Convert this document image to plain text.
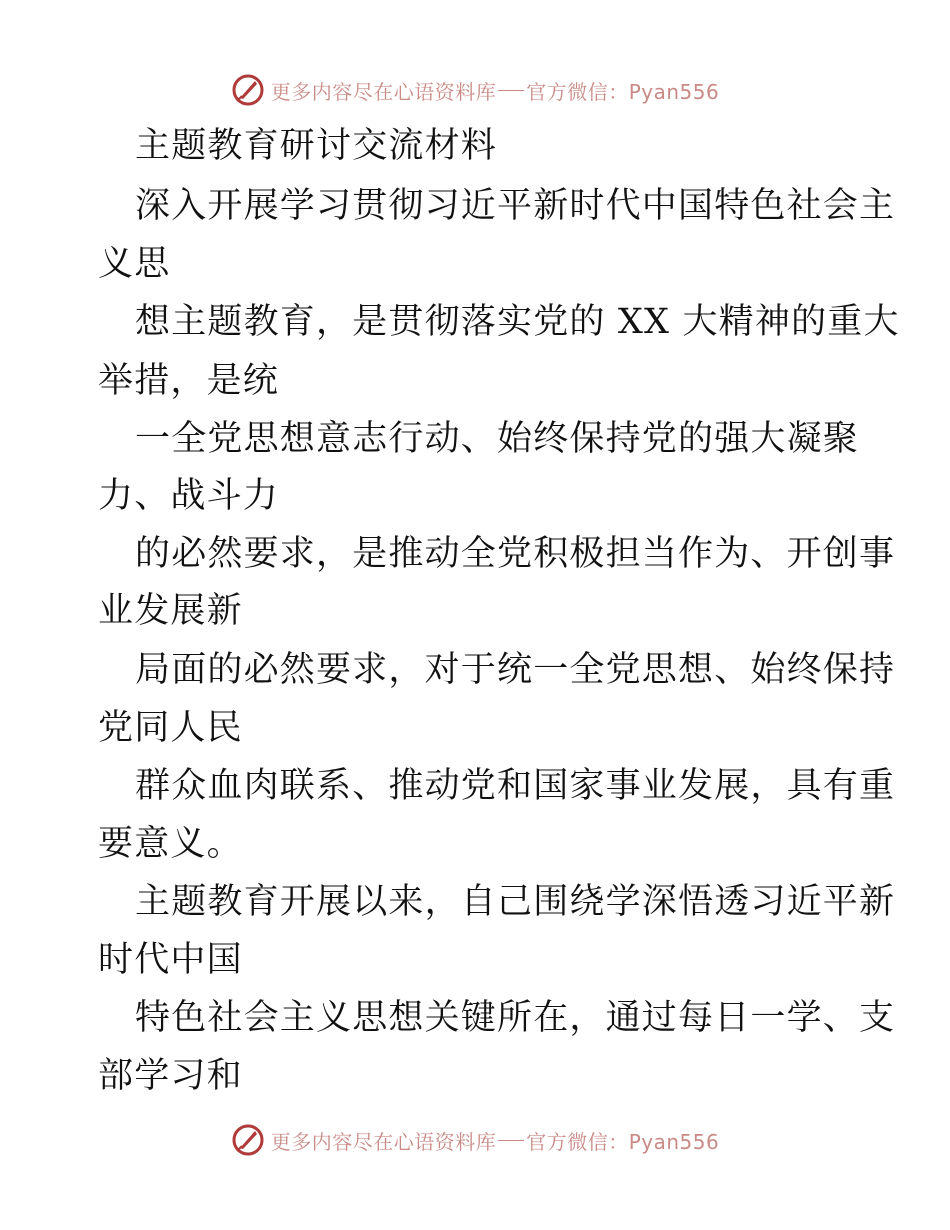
更多内容尽在心语资料库 官方微信：Pyan556
主题教育研讨交流材料
深入开展学习贯彻习近平新时代中国特色社会主
义思
想主题教育，是贯彻落实党的 XX 大精神的重大
举措，是统
一全党思想意志行动、始终保持党的强大凝聚
力、战斗力
的必然要求，是推动全党积极担当作为、开创事
业发展新
局面的必然要求，对于统一全党思想、始终保持
党同人民
群众血肉联系、推动党和国家事业发展，具有重
要意义。
主题教育开展以来，自己围绕学深悟透习近平新
时代中国
特色社会主义思想关键所在，通过每日一学、支
部学习和
更多内容尽在心语资料库 官方微信：Pyan556
